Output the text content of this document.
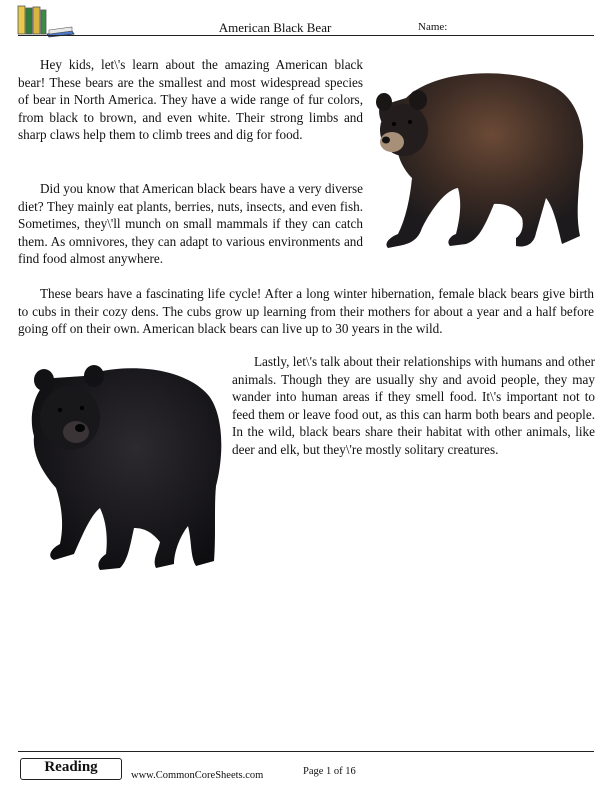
American Black Bear	Name:

Hey kids, let\'s learn about the amazing American black bear! These bears are the smallest and most widespread species of bear in North America. They have a wide range of fur colors, from black to brown, and even white. Their strong limbs and sharp claws help them to climb trees and dig for food.

Did you know that American black bears have a very diverse diet? They mainly eat plants, berries, nuts, insects, and even fish. Sometimes, they\'ll munch on small mammals if they can catch them. As omnivores, they can adapt to various environments and find food almost anywhere.

These bears have a fascinating life cycle! After a long winter hibernation, female black bears give birth to cubs in their cozy dens. The cubs grow up learning from their mothers for about a year and a half before going off on their own. American black bears can live up to 30 years in the wild.

Lastly, let\'s talk about their relationships with humans and other animals. Though they are usually shy and avoid people, they may wander into human areas if they smell food. It\'s important not to feed them or leave food out, as this can harm both bears and people. In the wild, black bears share their habitat with other animals, like deer and elk, but they\'re mostly solitary creatures.

Reading
www.CommonCoreSheets.com	Page 1 of 16
